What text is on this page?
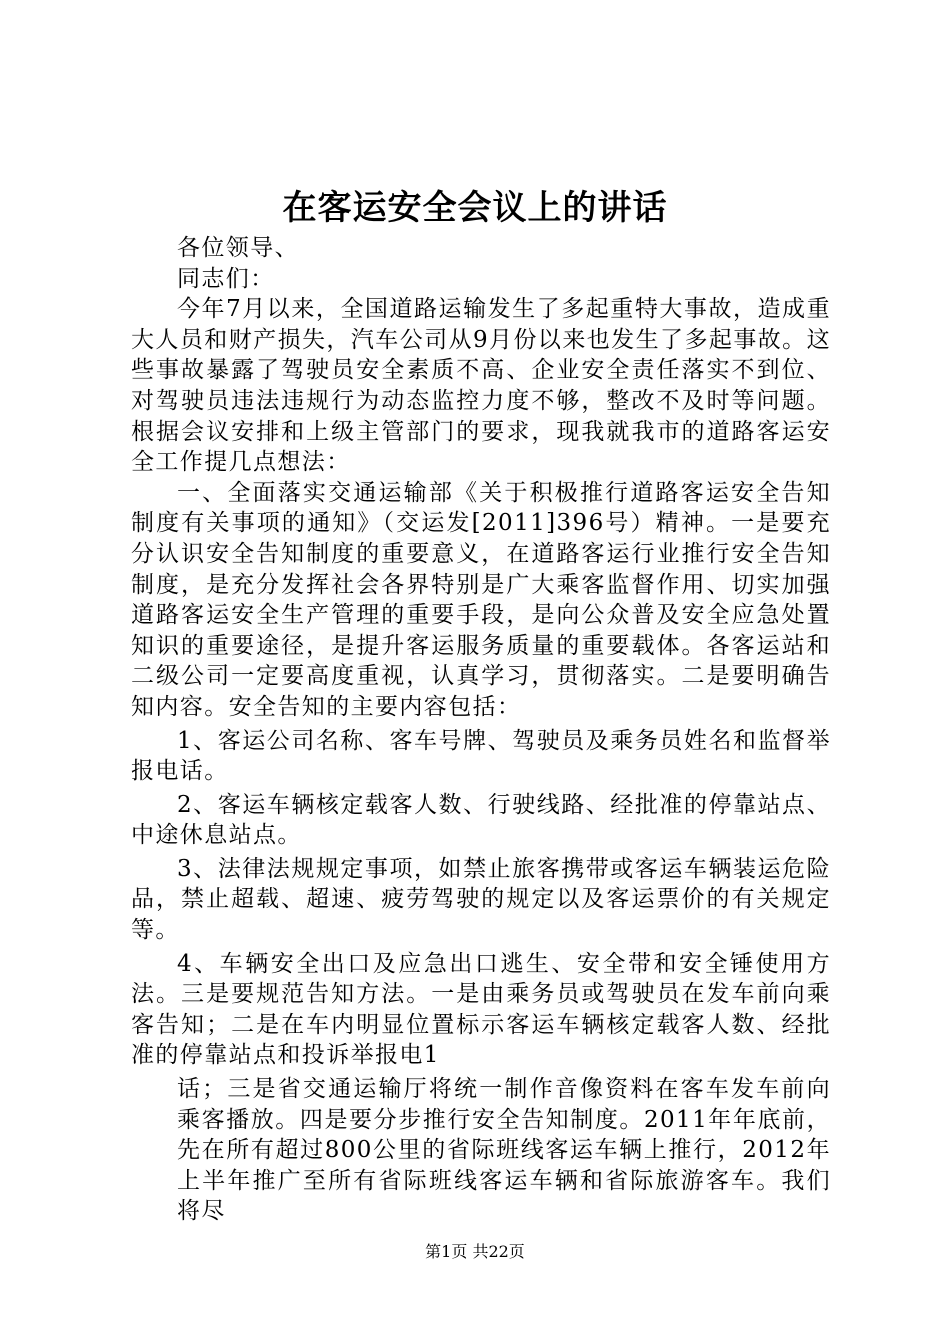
在客运安全会议上的讲话

各位领导、

同志们：

今年7月以来，全国道路运输发生了多起重特大事故，造成重大人员和财产损失，汽车公司从9月份以来也发生了多起事故。这些事故暴露了驾驶员安全素质不高、企业安全责任落实不到位、对驾驶员违法违规行为动态监控力度不够，整改不及时等问题。根据会议安排和上级主管部门的要求，现我就我市的道路客运安全工作提几点想法：

一、全面落实交通运输部《关于积极推行道路客运安全告知制度有关事项的通知》（交运发[2011]396号）精神。一是要充分认识安全告知制度的重要意义，在道路客运行业推行安全告知制度，是充分发挥社会各界特别是广大乘客监督作用、切实加强道路客运安全生产管理的重要手段，是向公众普及安全应急处置知识的重要途径，是提升客运服务质量的重要载体。各客运站和二级公司一定要高度重视，认真学习，贯彻落实。二是要明确告知内容。安全告知的主要内容包括：

1、客运公司名称、客车号牌、驾驶员及乘务员姓名和监督举报电话。

2、客运车辆核定载客人数、行驶线路、经批准的停靠站点、中途休息站点。

3、法律法规规定事项，如禁止旅客携带或客运车辆装运危险品，禁止超载、超速、疲劳驾驶的规定以及客运票价的有关规定等。

4、车辆安全出口及应急出口逃生、安全带和安全锤使用方法。三是要规范告知方法。一是由乘务员或驾驶员在发车前向乘客告知；二是在车内明显位置标示客运车辆核定载客人数、经批准的停靠站点和投诉举报电1

话；三是省交通运输厅将统一制作音像资料在客车发车前向乘客播放。四是要分步推行安全告知制度。2011年年底前，先在所有超过800公里的省际班线客运车辆上推行，2012年上半年推广至所有省际班线客运车辆和省际旅游客车。我们将尽

第1页 共22页
